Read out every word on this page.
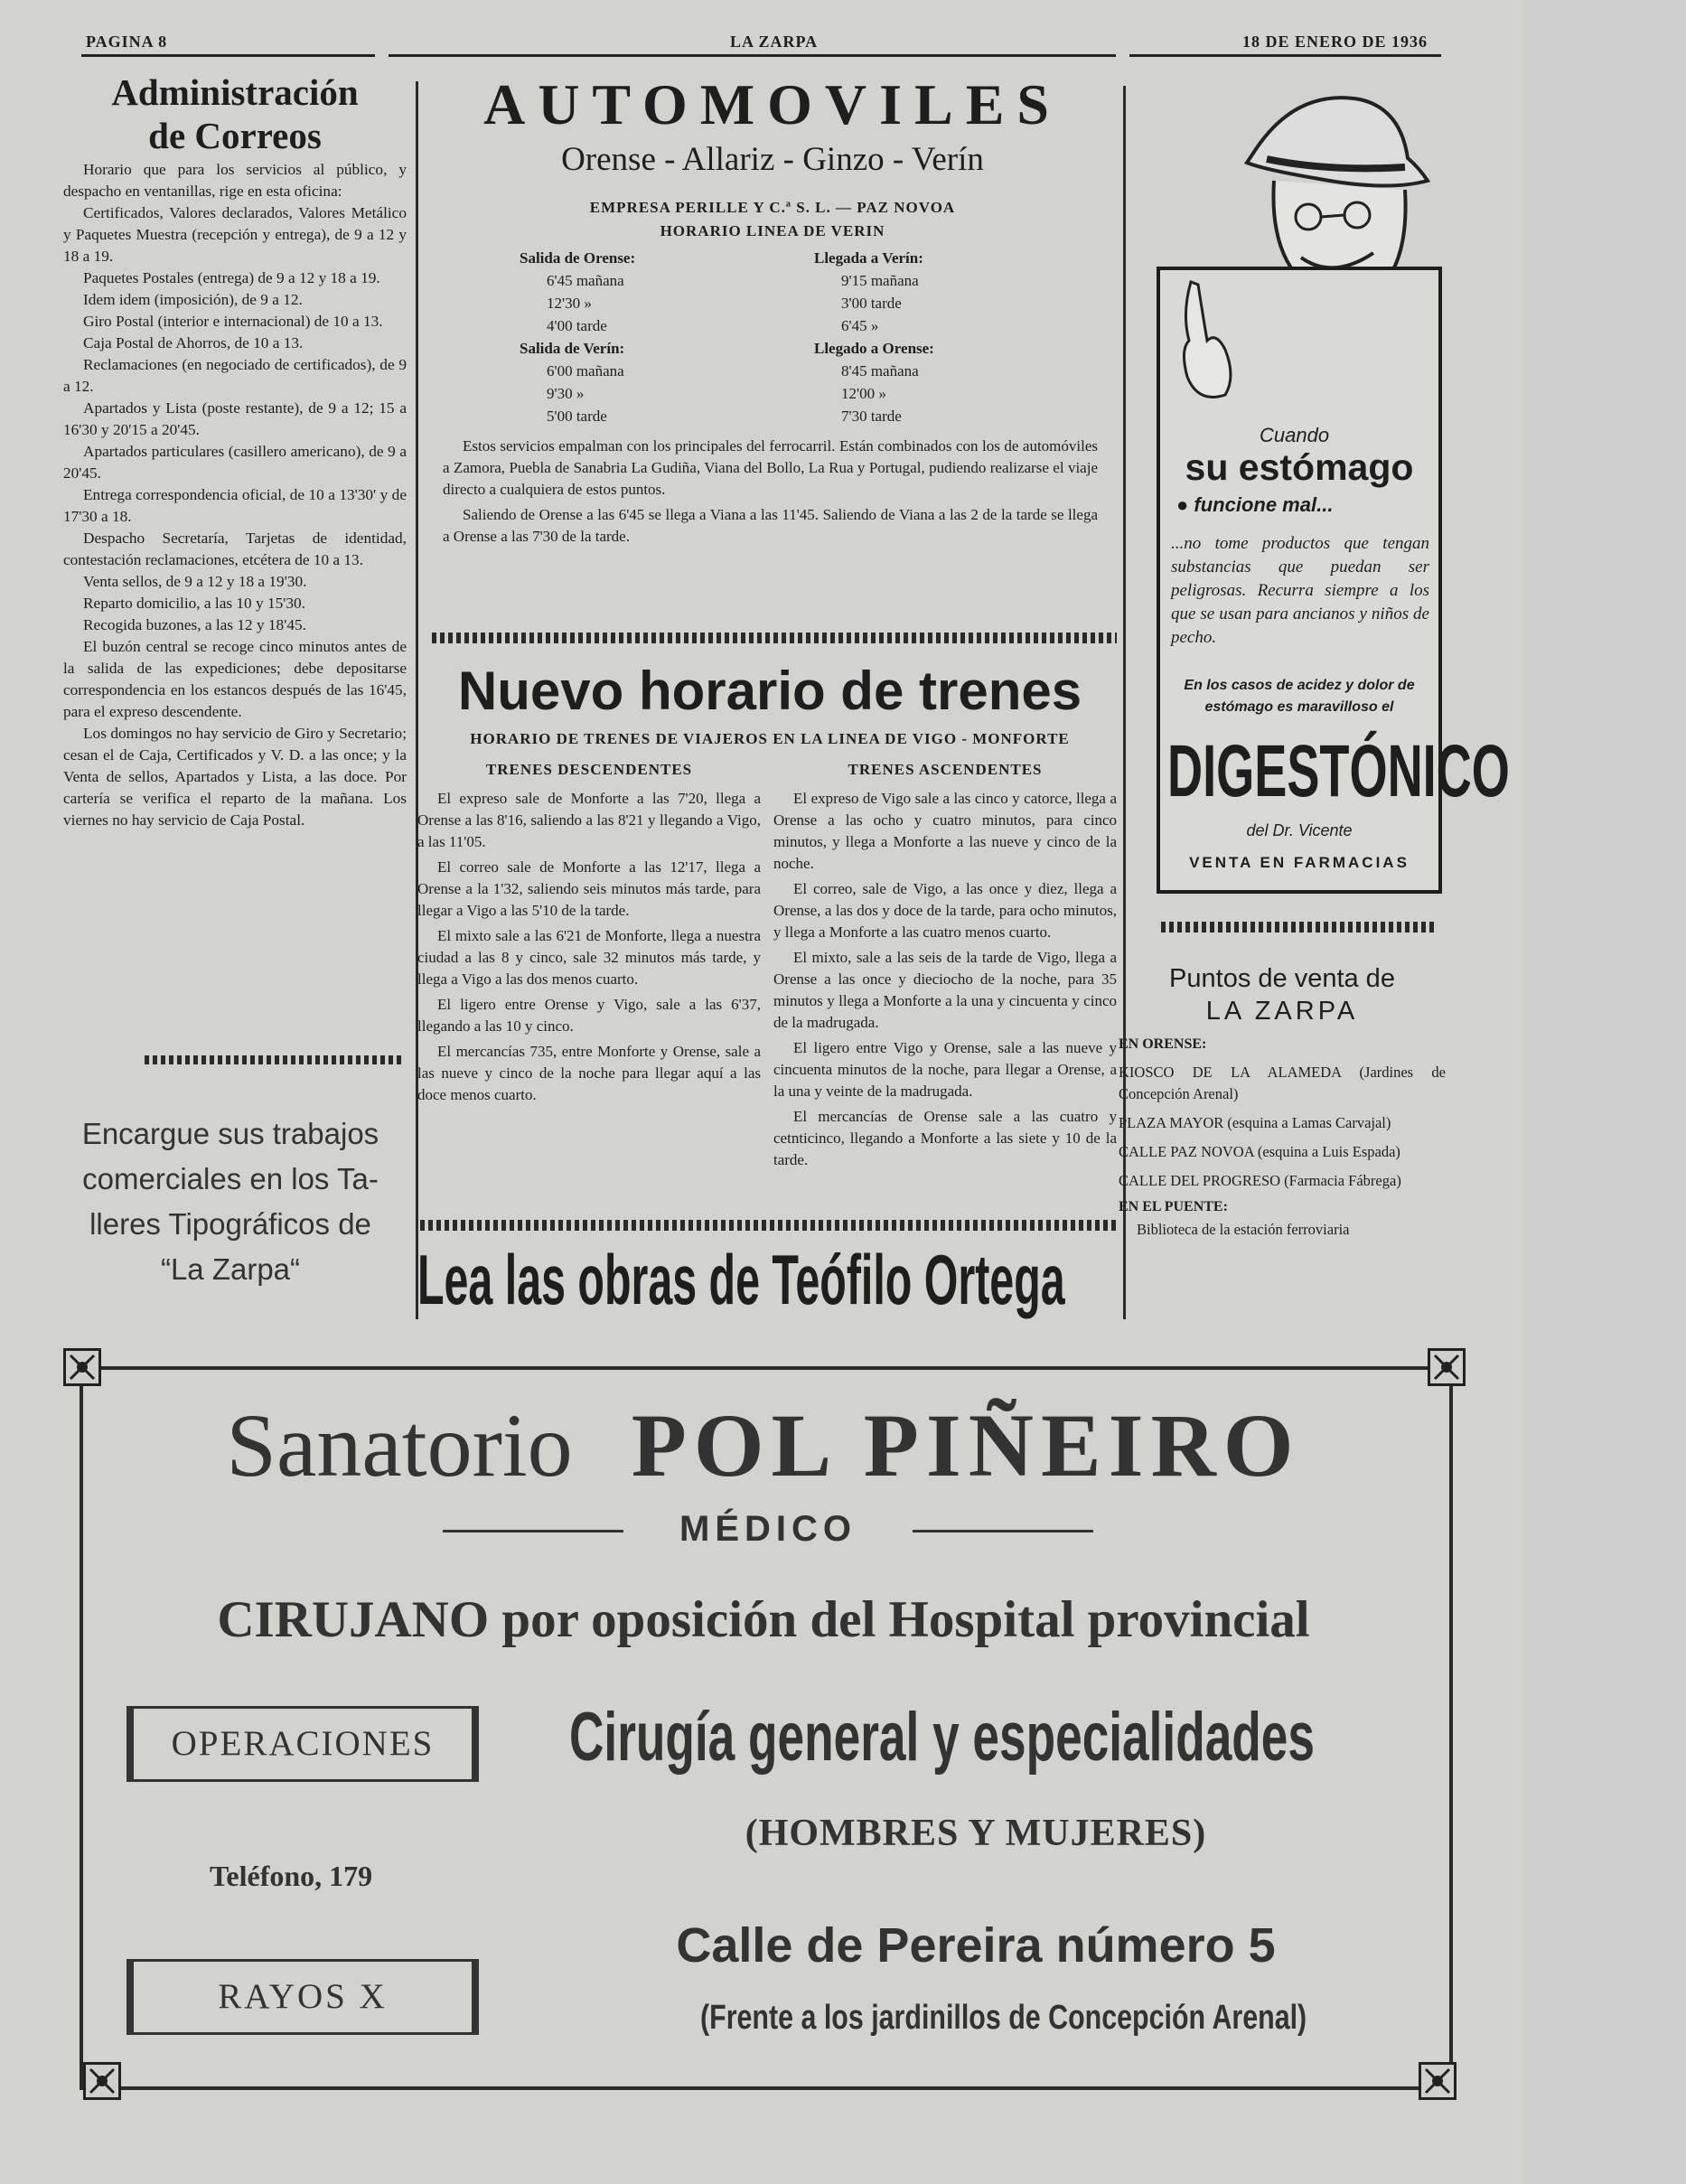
PAGINA 8	LA ZARPA	18 DE ENERO DE 1936
Administración
de Correos

Horario que para los servicios al público, y despacho en ventanillas, rige en esta oficina:

Certificados, Valores declarados, Valores Metálico y Paquetes Muestra (recepción y entrega), de 9 a 12 y 18 a 19.

Paquetes Postales (entrega) de 9 a 12 y 18 a 19.

Idem idem (imposición), de 9 a 12.

Giro Postal (interior e internacional) de 10 a 13.

Caja Postal de Ahorros, de 10 a 13.

Reclamaciones (en negociado de certificados), de 9 a 12.

Apartados y Lista (poste restante), de 9 a 12; 15 a 16'30 y 20'15 a 20'45.

Apartados particulares (casillero americano), de 9 a 20'45.

Entrega correspondencia oficial, de 10 a 13'30' y de 17'30 a 18.

Despacho Secretaría, Tarjetas de identidad, contestación reclamaciones, etcétera de 10 a 13.

Venta sellos, de 9 a 12 y 18 a 19'30.

Reparto domicilio, a las 10 y 15'30.

Recogida buzones, a las 12 y 18'45.

El buzón central se recoge cinco minutos antes de la salida de las expediciones; debe depositarse correspondencia en los estancos después de las 16'45, para el expreso descendente.

Los domingos no hay servicio de Giro y Secretario; cesan el de Caja, Certificados y V. D. a las once; y la Venta de sellos, Apartados y Lista, a las doce. Por cartería se verifica el reparto de la mañana. Los viernes no hay servicio de Caja Postal.

Encargue sus trabajos
comerciales en los Ta-
lleres Tipográficos de
“La Zarpa“
AUTOMOVILES
Orense - Allariz - Ginzo - Verín
EMPRESA PERILLE Y C.ª S. L. — PAZ NOVOA
HORARIO LINEA DE VERIN
Salida de Orense:	Llegada a Verín:
6'45 mañana	9'15 mañana
12'30 »	3'00 tarde
4'00 tarde	6'45 »
Salida de Verín:	Llegado a Orense:
6'00 mañana	8'45 mañana
9'30 »	12'00 »
5'00 tarde	7'30 tarde

Estos servicios empalman con los principales del ferrocarril. Están combinados con los de automóviles a Zamora, Puebla de Sanabria La Gudiña, Viana del Bollo, La Rua y Portugal, pudiendo realizarse el viaje directo a cualquiera de estos puntos.

Saliendo de Orense a las 6'45 se llega a Viana a las 11'45. Saliendo de Viana a las 2 de la tarde se llega a Orense a las 7'30 de la tarde.

Nuevo horario de trenes
HORARIO DE TRENES DE VIAJEROS EN LA LINEA DE VIGO - MONFORTE
TRENES DESCENDENTES

El expreso sale de Monforte a las 7'20, llega a Orense a las 8'16, saliendo a las 8'21 y llegando a Vigo, a las 11'05.

El correo sale de Monforte a las 12'17, llega a Orense a la 1'32, saliendo seis minutos más tarde, para llegar a Vigo a las 5'10 de la tarde.

El mixto sale a las 6'21 de Monforte, llega a nuestra ciudad a las 8 y cinco, sale 32 minutos más tarde, y llega a Vigo a las dos menos cuarto.

El ligero entre Orense y Vigo, sale a las 6'37, llegando a las 10 y cinco.

El mercancías 735, entre Monforte y Orense, sale a las nueve y cinco de la noche para llegar aquí a las doce menos cuarto.

TRENES ASCENDENTES

El expreso de Vigo sale a las cinco y catorce, llega a Orense a las ocho y cuatro minutos, para cinco minutos, y llega a Monforte a las nueve y cinco de la noche.

El correo, sale de Vigo, a las once y diez, llega a Orense, a las dos y doce de la tarde, para ocho minutos, y llega a Monforte a las cuatro menos cuarto.

El mixto, sale a las seis de la tarde de Vigo, llega a Orense a las once y dieciocho de la noche, para 35 minutos y llega a Monforte a la una y cincuenta y cinco de la madrugada.

El ligero entre Vigo y Orense, sale a las nueve y cincuenta minutos de la noche, para llegar a Orense, a la una y veinte de la madrugada.

El mercancías de Orense sale a las cuatro y cetnticinco, llegando a Monforte a las siete y 10 de la tarde.

Lea las obras de Teófilo Ortega
Cuando
su estómago
● funcione mal...
...no tome productos que tengan substancias que puedan ser peligrosas. Recurra siempre a los que se usan para ancianos y niños de pecho.
En los casos de acidez y dolor de estómago es maravilloso el
DIGESTÓNICO
del Dr. Vicente
VENTA EN FARMACIAS
Puntos de venta de
LA ZARPA
EN ORENSE:
KIOSCO DE LA ALAMEDA (Jardines de Concepción Arenal)
PLAZA MAYOR (esquina a Lamas Carvajal)
CALLE PAZ NOVOA (esquina a Luis Espada)
CALLE DEL PROGRESO (Farmacia Fábrega)
EN EL PUENTE:
Biblioteca de la estación ferroviaria
Sanatorio POL PIÑEIRO
MÉDICO
CIRUJANO por oposición del Hospital provincial
OPERACIONES	Cirugía general y especialidades
(HOMBRES Y MUJERES)
Teléfono, 179
Calle de Pereira número 5
RAYOS X
(Frente a los jardinillos de Concepción Arenal)
